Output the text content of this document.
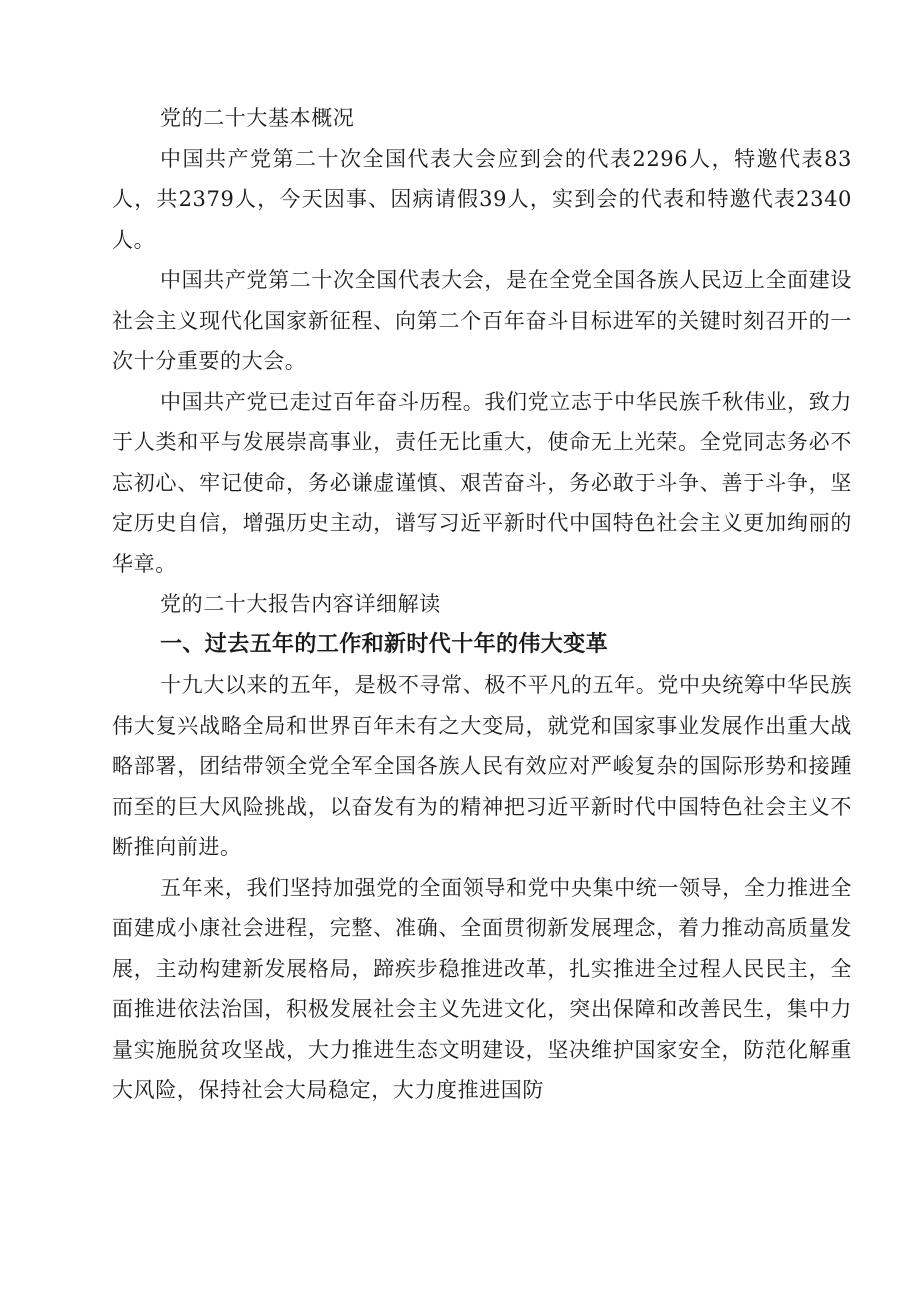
党的二十大基本概况

中国共产党第二十次全国代表大会应到会的代表2296人，特邀代表83人，共2379人，今天因事、因病请假39人，实到会的代表和特邀代表2340人。

中国共产党第二十次全国代表大会，是在全党全国各族人民迈上全面建设社会主义现代化国家新征程、向第二个百年奋斗目标进军的关键时刻召开的一次十分重要的大会。

中国共产党已走过百年奋斗历程。我们党立志于中华民族千秋伟业，致力于人类和平与发展崇高事业，责任无比重大，使命无上光荣。全党同志务必不忘初心、牢记使命，务必谦虚谨慎、艰苦奋斗，务必敢于斗争、善于斗争，坚定历史自信，增强历史主动，谱写习近平新时代中国特色社会主义更加绚丽的华章。

党的二十大报告内容详细解读

一、过去五年的工作和新时代十年的伟大变革

十九大以来的五年，是极不寻常、极不平凡的五年。党中央统筹中华民族伟大复兴战略全局和世界百年未有之大变局，就党和国家事业发展作出重大战略部署，团结带领全党全军全国各族人民有效应对严峻复杂的国际形势和接踵而至的巨大风险挑战，以奋发有为的精神把习近平新时代中国特色社会主义不断推向前进。

五年来，我们坚持加强党的全面领导和党中央集中统一领导，全力推进全面建成小康社会进程，完整、准确、全面贯彻新发展理念，着力推动高质量发展，主动构建新发展格局，蹄疾步稳推进改革，扎实推进全过程人民民主，全面推进依法治国，积极发展社会主义先进文化，突出保障和改善民生，集中力量实施脱贫攻坚战，大力推进生态文明建设，坚决维护国家安全，防范化解重大风险，保持社会大局稳定，大力度推进国防
